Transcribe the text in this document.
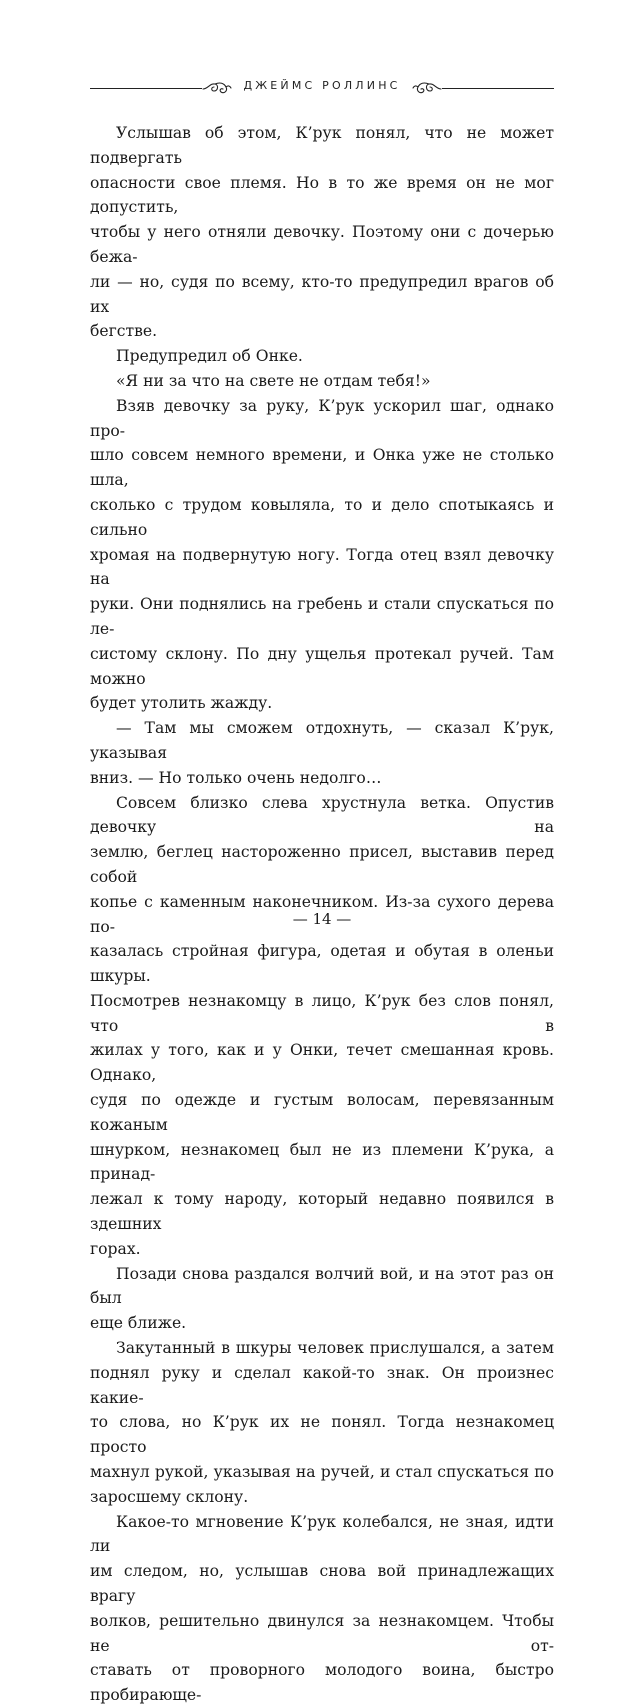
ДЖЕЙМС РОЛЛИНС

Услышав об этом, К’рук понял, что не может подвергать

опасности свое племя. Но в то же время он не мог допустить,

чтобы у него отняли девочку. Поэтому они с дочерью бежа-

ли — но, судя по всему, кто-то предупредил врагов об их

бегстве.

Предупредил об Онке.

«Я ни за что на свете не отдам тебя!»

Взяв девочку за руку, К’рук ускорил шаг, однако про-

шло совсем немного времени, и Онка уже не столько шла,

сколько с трудом ковыляла, то и дело спотыкаясь и сильно

хромая на подвернутую ногу. Тогда отец взял девочку на

руки. Они поднялись на гребень и стали спускаться по ле-

систому склону. По дну ущелья протекал ручей. Там можно

будет утолить жажду.

— Там мы сможем отдохнуть, — сказал К’рук, указывая

вниз. — Но только очень недолго…

Совсем близко слева хрустнула ветка. Опустив девочку на

землю, беглец настороженно присел, выставив перед собой

копье с каменным наконечником. Из-за сухого дерева по-

казалась стройная фигура, одетая и обутая в оленьи шкуры.

Посмотрев незнакомцу в лицо, К’рук без слов понял, что в

жилах у того, как и у Онки, течет смешанная кровь. Однако,

судя по одежде и густым волосам, перевязанным кожаным

шнурком, незнакомец был не из племени К’рука, а принад-

лежал к тому народу, который недавно появился в здешних

горах.

Позади снова раздался волчий вой, и на этот раз он был

еще ближе.

Закутанный в шкуры человек прислушался, а затем

поднял руку и сделал какой-то знак. Он произнес какие-

то слова, но К’рук их не понял. Тогда незнакомец просто

махнул рукой, указывая на ручей, и стал спускаться по

заросшему склону.

Какое-то мгновение К’рук колебался, не зная, идти ли

им следом, но, услышав снова вой принадлежащих врагу

волков, решительно двинулся за незнакомцем. Чтобы не от-

ставать от проворного молодого воина, быстро пробирающе-

— 14 —
